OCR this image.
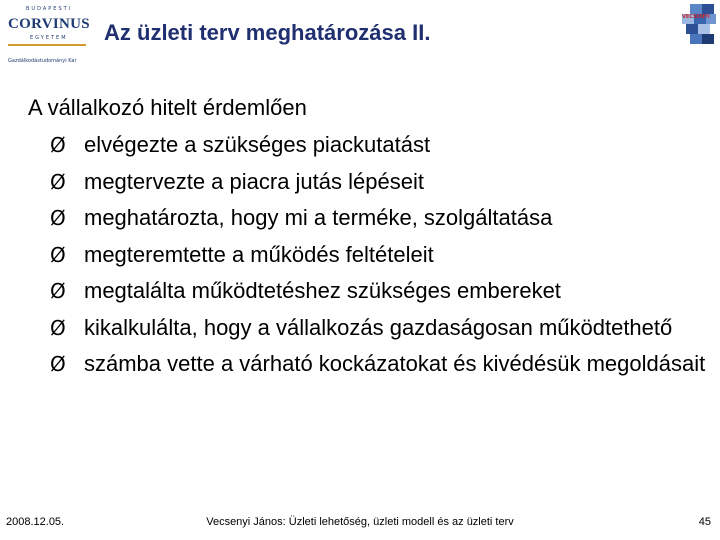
BUDAPESTI
CORVINUS
EGYETEM
Gazdálkodástudományi Kar
Az üzleti terv meghatározása II.
VECSENYI

A vállalkozó hitelt érdemlően

Ø elvégezte a szükséges piackutatást
Ø megtervezte a piacra jutás lépéseit
Ø meghatározta, hogy mi a terméke, szolgáltatása
Ø megteremtette a működés feltételeit
Ø megtalálta működtetéshez szükséges embereket
Ø kikalkulálta, hogy a vállalkozás gazdaságosan működtethető
Ø számba vette a várható kockázatokat és kivédésük megoldásait
2008.12.05.	Vecsenyi János: Üzleti lehetőség, üzleti modell és az üzleti terv	45
